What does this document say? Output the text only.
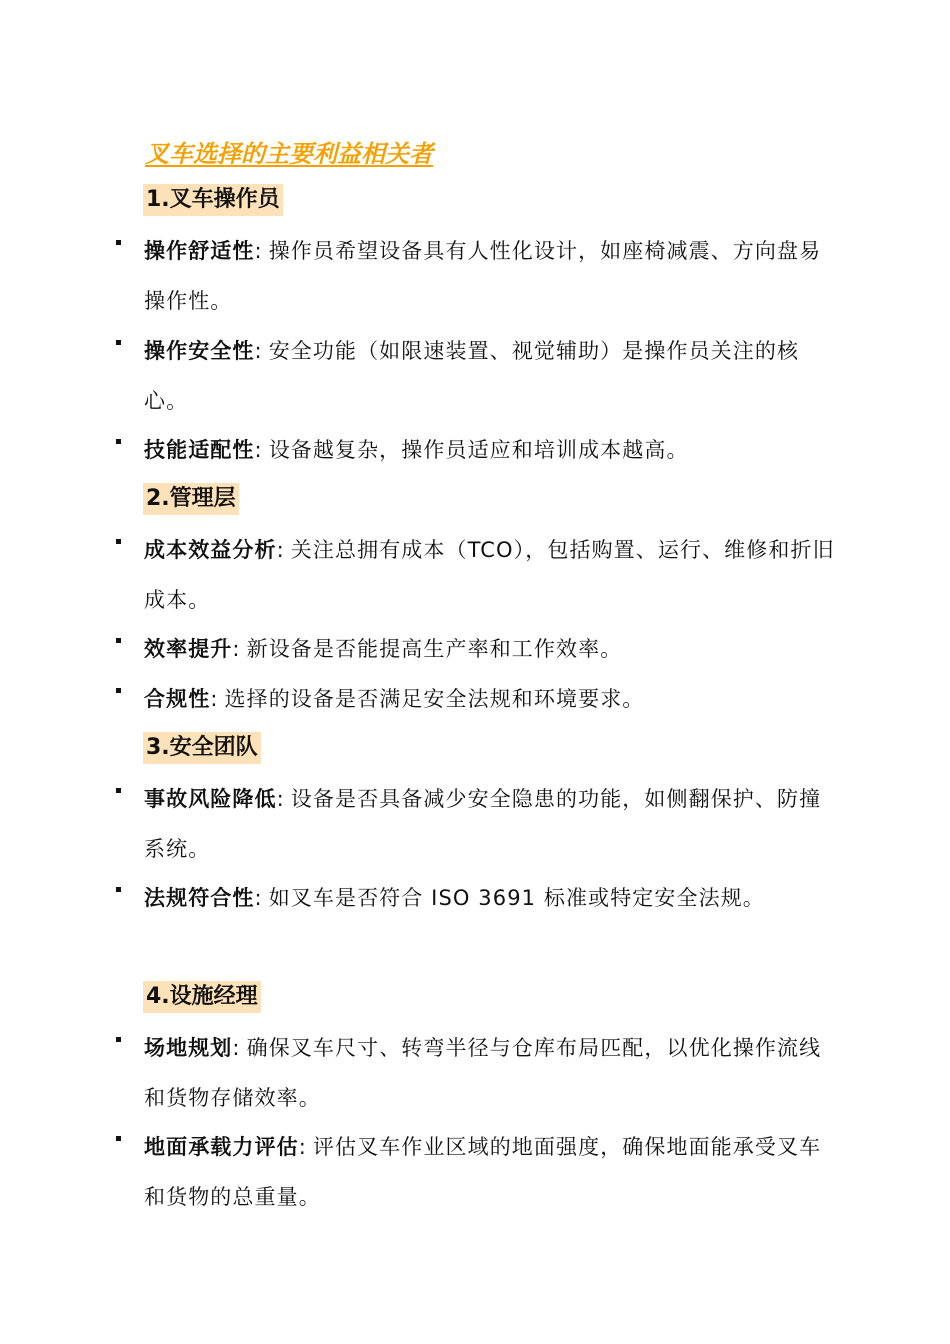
叉车选择的主要利益相关者
1.叉车操作员
操作舒适性: 操作员希望设备具有人性化设计，如座椅减震、方向盘易操作性。
操作安全性: 安全功能（如限速装置、视觉辅助）是操作员关注的核心。
技能适配性: 设备越复杂，操作员适应和培训成本越高。
2.管理层
成本效益分析: 关注总拥有成本（TCO），包括购置、运行、维修和折旧成本。
效率提升: 新设备是否能提高生产率和工作效率。
合规性: 选择的设备是否满足安全法规和环境要求。
3.安全团队
事故风险降低: 设备是否具备减少安全隐患的功能，如侧翻保护、防撞系统。
法规符合性: 如叉车是否符合 ISO 3691 标准或特定安全法规。
4.设施经理
场地规划: 确保叉车尺寸、转弯半径与仓库布局匹配，以优化操作流线和货物存储效率。
地面承载力评估: 评估叉车作业区域的地面强度，确保地面能承受叉车和货物的总重量。
